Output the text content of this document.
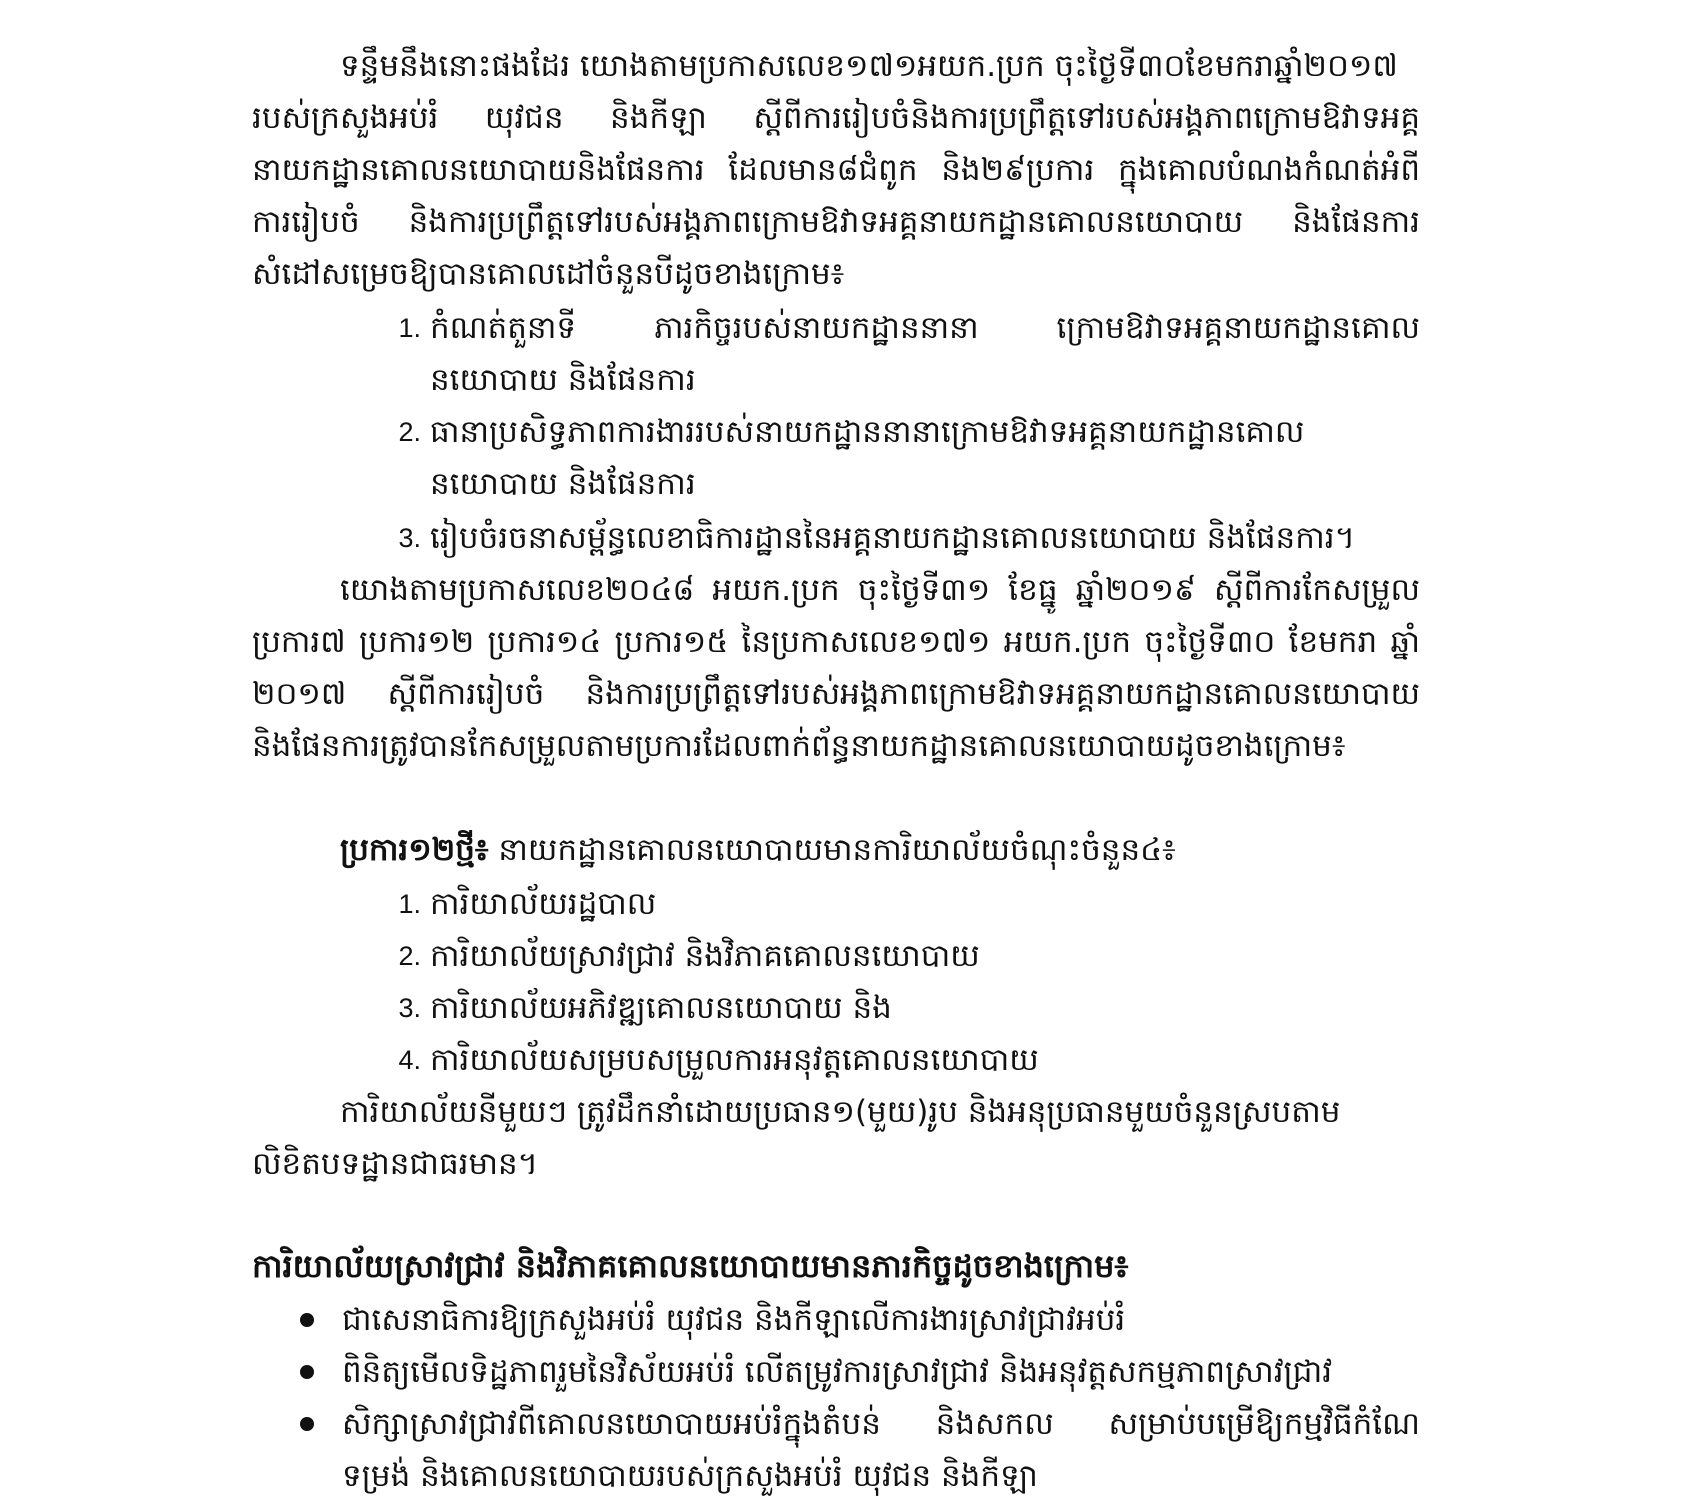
ទន្ទឹមនឹងនោះផងដែរ យោងតាមប្រកាសលេខ១៧១អយក.ប្រក ចុះថ្ងៃទី៣០ខែមករាឆ្នាំ២០១៧
របស់ក្រសួងអប់រំ យុវជន និងកីឡា ស្តីពីការរៀបចំនិងការប្រព្រឹត្តទៅរបស់អង្គភាពក្រោមឱវាទអគ្គ
នាយកដ្ឋានគោលនយោបាយនិងផែនការ ដែលមាន៨ជំពូក និង២៩ប្រការ ក្នុងគោលបំណងកំណត់អំពី
ការរៀបចំ និងការប្រព្រឹត្តទៅរបស់អង្គភាពក្រោមឱវាទអគ្គនាយកដ្ឋានគោលនយោបាយ និងផែនការ
សំដៅសម្រេចឱ្យបានគោលដៅចំនួនបីដូចខាងក្រោម៖
1. កំណត់តួនាទី ភារកិច្ចរបស់នាយកដ្ឋាននានា ក្រោមឱវាទអគ្គនាយកដ្ឋានគោល
នយោបាយ និងផែនការ
2. ធានាប្រសិទ្ធភាពការងាររបស់នាយកដ្ឋាននានាក្រោមឱវាទអគ្គនាយកដ្ឋានគោល
នយោបាយ និងផែនការ
3. រៀបចំរចនាសម្ព័ន្ធលេខាធិការដ្ឋាននៃអគ្គនាយកដ្ឋានគោលនយោបាយ និងផែនការ។
យោងតាមប្រកាសលេខ២០៤៨ អយក.ប្រក ចុះថ្ងៃទី៣១ ខែធ្នូ ឆ្នាំ២០១៩ ស្តីពីការកែសម្រួល
ប្រការ៧ ប្រការ១២ ប្រការ១៤ ប្រការ១៥ នៃប្រកាសលេខ១៧១ អយក.ប្រក ចុះថ្ងៃទី៣០ ខែមករា ឆ្នាំ
២០១៧ ស្តីពីការរៀបចំ និងការប្រព្រឹត្តទៅរបស់អង្គភាពក្រោមឱវាទអគ្គនាយកដ្ឋានគោលនយោបាយ
និងផែនការត្រូវបានកែសម្រួលតាមប្រការដែលពាក់ព័ន្ធនាយកដ្ឋានគោលនយោបាយដូចខាងក្រោម៖
ប្រការ១២ថ្មី៖ នាយកដ្ឋានគោលនយោបាយមានការិយាល័យចំណុះចំនួន៤៖
1. ការិយាល័យរដ្ឋបាល
2. ការិយាល័យស្រាវជ្រាវ និងវិភាគគោលនយោបាយ
3. ការិយាល័យអភិវឌ្ឍគោលនយោបាយ និង
4. ការិយាល័យសម្របសម្រួលការអនុវត្តគោលនយោបាយ
ការិយាល័យនីមួយៗ ត្រូវដឹកនាំដោយប្រធាន១(មួយ)រូប និងអនុប្រធានមួយចំនួនស្របតាម
លិខិតបទដ្ឋានជាធរមាន។
ការិយាល័យស្រាវជ្រាវ និងវិភាគគោលនយោបាយមានភារកិច្ចដូចខាងក្រោម៖
ជាសេនាធិការឱ្យក្រសួងអប់រំ យុវជន និងកីឡាលើការងារស្រាវជ្រាវអប់រំ
ពិនិត្យមើលទិដ្ឋភាពរួមនៃវិស័យអប់រំ លើតម្រូវការស្រាវជ្រាវ និងអនុវត្តសកម្មភាពស្រាវជ្រាវ
សិក្សាស្រាវជ្រាវពីគោលនយោបាយអប់រំក្នុងតំបន់ និងសកល សម្រាប់បម្រើឱ្យកម្មវិធីកំណែ
ទម្រង់ និងគោលនយោបាយរបស់ក្រសួងអប់រំ យុវជន និងកីឡា
